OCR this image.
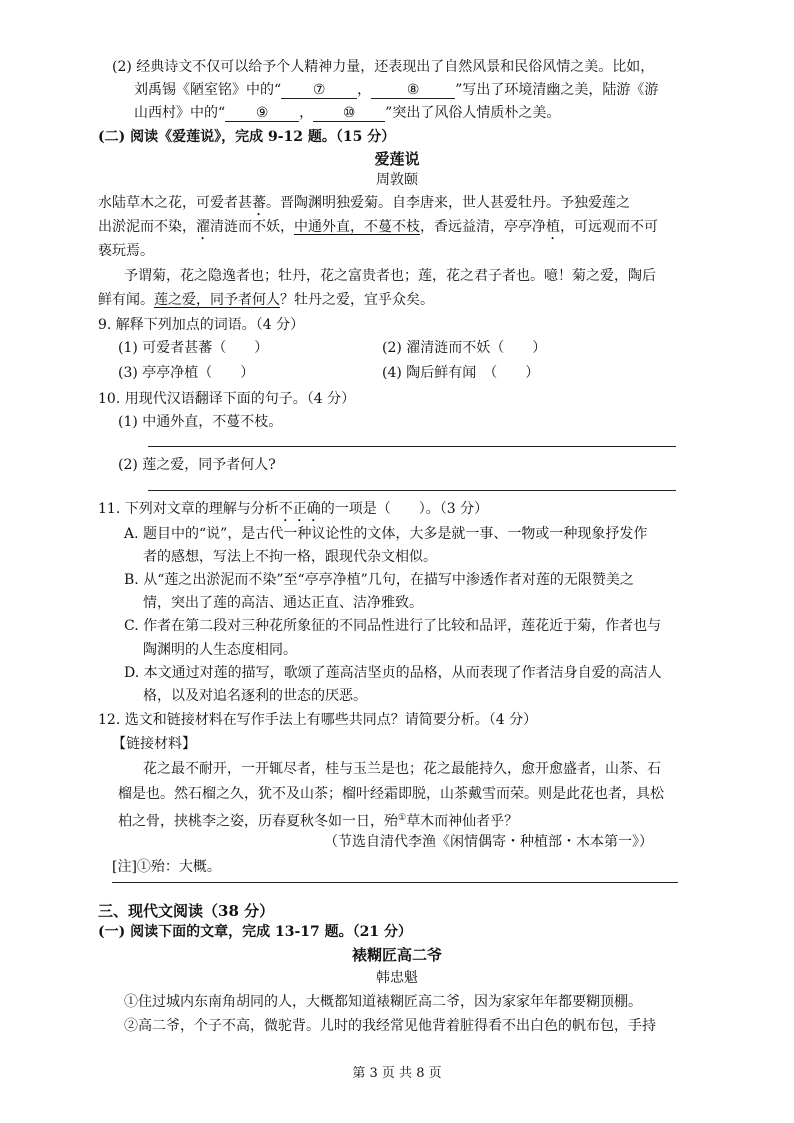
(2) 经典诗文不仅可以给予个人精神力量，还表现出了自然风景和民俗风情之美。比如，
刘禹锡《陋室铭》中的“ ⑦ ，	⑧	”写出了环境清幽之美，陆游《游
山西村》中的“ ⑨ ， ⑩ ”突出了风俗人情质朴之美。
(二) 阅读《爱莲说》，完成 9-12 题。（15 分）
爱莲说
周敦颐
水陆草木之花，可爱者甚蕃。晋陶渊明独爱菊。自李唐来，世人甚爱牡丹。予独爱莲之
出淤泥而不染，濯清涟而不妖，中通外直，不蔓不枝，香远益清，亭亭净植，可远观而不可
亵玩焉。
予谓菊，花之隐逸者也；牡丹，花之富贵者也；莲，花之君子者也。噫！菊之爱，陶后
鲜有闻。莲之爱，同予者何人？牡丹之爱，宜乎众矣。
9. 解释下列加点的词语。（4 分）
(1) 可爱者甚蕃（　　）	(2) 濯清涟而不妖（　　）
(3) 亭亭净植（　　）	(4) 陶后鲜有闻　（　　）
10. 用现代汉语翻译下面的句子。（4 分）
(1) 中通外直，不蔓不枝。
(2) 莲之爱，同予者何人?
11. 下列对文章的理解与分析不正确的一项是（　　）。（3 分）
A. 题目中的“说”，是古代一种议论性的文体，大多是就一事、一物或一种现象抒发作
者的感想，写法上不拘一格，跟现代杂文相似。
B. 从“莲之出淤泥而不染”至“亭亭净植”几句，在描写中渗透作者对莲的无限赞美之
情，突出了莲的高洁、通达正直、洁净雅致。
C. 作者在第二段对三种花所象征的不同品性进行了比较和品评，莲花近于菊，作者也与
陶渊明的人生态度相同。
D. 本文通过对莲的描写，歌颂了莲高洁坚贞的品格，从而表现了作者洁身自爱的高洁人
格，以及对追名逐利的世态的厌恶。
12. 选文和链接材料在写作手法上有哪些共同点？请简要分析。（4 分）
【链接材料】
花之最不耐开，一开辄尽者，桂与玉兰是也；花之最能持久，愈开愈盛者，山茶、石
榴是也。然石榴之久，犹不及山茶；榴叶经霜即脱，山茶戴雪而荣。则是此花也者，具松
柏之骨，挟桃李之姿，历春夏秋冬如一日，殆①草木而神仙者乎？
（节选自清代李渔《闲情偶寄・种植部・木本第一》）
[注]①殆：大概。
三、现代文阅读（38 分）
(一) 阅读下面的文章，完成 13-17 题。（21 分）
裱糊匠高二爷
韩忠魁
①住过城内东南角胡同的人，大概都知道裱糊匠高二爷，因为家家年年都要糊顶棚。
②高二爷，个子不高，微驼背。儿时的我经常见他背着脏得看不出白色的帆布包，手持
第 3 页 共 8 页
